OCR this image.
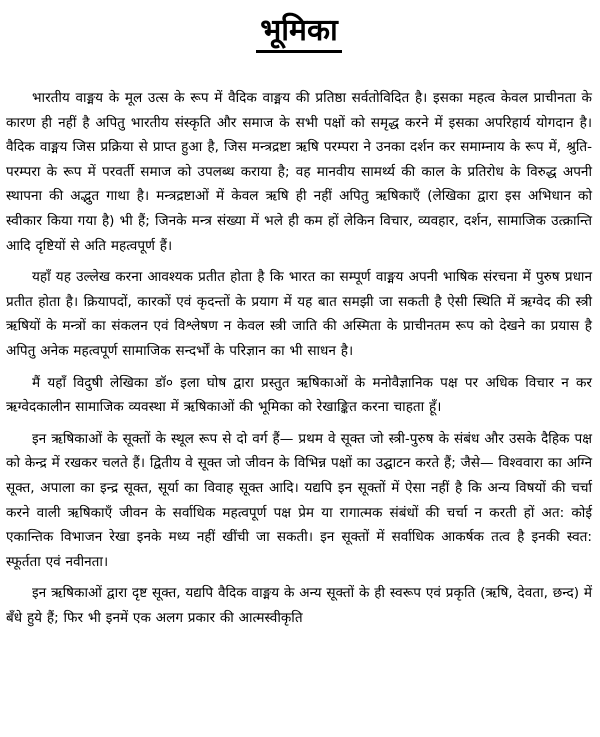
भूमिका

भारतीय वाङ्मय के मूल उत्स के रूप में वैदिक वाङ्मय की प्रतिष्ठा सर्वतोविदित है। इसका महत्व केवल प्राचीनता के कारण ही नहीं है अपितु भारतीय संस्कृति और समाज के सभी पक्षों को समृद्ध करने में इसका अपरिहार्य योगदान है। वैदिक वाङ्मय जिस प्रक्रिया से प्राप्त हुआ है, जिस मन्त्रद्रष्टा ऋषि परम्परा ने उनका दर्शन कर समाम्नाय के रूप में, श्रुति-परम्परा के रूप में परवर्ती समाज को उपलब्ध कराया है; वह मानवीय सामर्थ्य की काल के प्रतिरोध के विरुद्ध अपनी स्थापना की अद्भुत गाथा है। मन्त्रद्रष्टाओं में केवल ऋषि ही नहीं अपितु ऋषिकाएँ (लेखिका द्वारा इस अभिधान को स्वीकार किया गया है) भी हैं; जिनके मन्त्र संख्या में भले ही कम हों लेकिन विचार, व्यवहार, दर्शन, सामाजिक उत्क्रान्ति आदि दृष्टियों से अति महत्वपूर्ण हैं।

यहाँ यह उल्लेख करना आवश्यक प्रतीत होता है कि भारत का सम्पूर्ण वाङ्मय अपनी भाषिक संरचना में पुरुष प्रधान प्रतीत होता है। क्रियापदों, कारकों एवं कृदन्तों के प्रयाग में यह बात समझी जा सकती है ऐसी स्थिति में ऋग्वेद की स्त्री ऋषियों के मन्त्रों का संकलन एवं विश्लेषण न केवल स्त्री जाति की अस्मिता के प्राचीनतम रूप को देखने का प्रयास है अपितु अनेक महत्वपूर्ण सामाजिक सन्दर्भों के परिज्ञान का भी साधन है।

मैं यहाँ विदुषी लेखिका डॉ० इला घोष द्वारा प्रस्तुत ऋषिकाओं के मनोवैज्ञानिक पक्ष पर अधिक विचार न कर ऋग्वेदकालीन सामाजिक व्यवस्था में ऋषिकाओं की भूमिका को रेखाङ्कित करना चाहता हूँ।

इन ऋषिकाओं के सूक्तों के स्थूल रूप से दो वर्ग हैं— प्रथम वे सूक्त जो स्त्री-पुरुष के संबंध और उसके दैहिक पक्ष को केन्द्र में रखकर चलते हैं। द्वितीय वे सूक्त जो जीवन के विभिन्न पक्षों का उद्घाटन करते हैं; जैसे— विश्ववारा का अग्नि सूक्त, अपाला का इन्द्र सूक्त, सूर्या का विवाह सूक्त आदि। यद्यपि इन सूक्तों में ऐसा नहीं है कि अन्य विषयों की चर्चा करने वाली ऋषिकाएँ जीवन के सर्वाधिक महत्वपूर्ण पक्ष प्रेम या रागात्मक संबंधों की चर्चा न करती हों अत: कोई एकान्तिक विभाजन रेखा इनके मध्य नहीं खींची जा सकती। इन सूक्तों में सर्वाधिक आकर्षक तत्व है इनकी स्वत: स्फूर्तता एवं नवीनता।

इन ऋषिकाओं द्वारा दृष्ट सूक्त, यद्यपि वैदिक वाङ्मय के अन्य सूक्तों के ही स्वरूप एवं प्रकृति (ऋषि, देवता, छन्द) में बँधे हुये हैं; फिर भी इनमें एक अलग प्रकार की आत्मस्वीकृति
